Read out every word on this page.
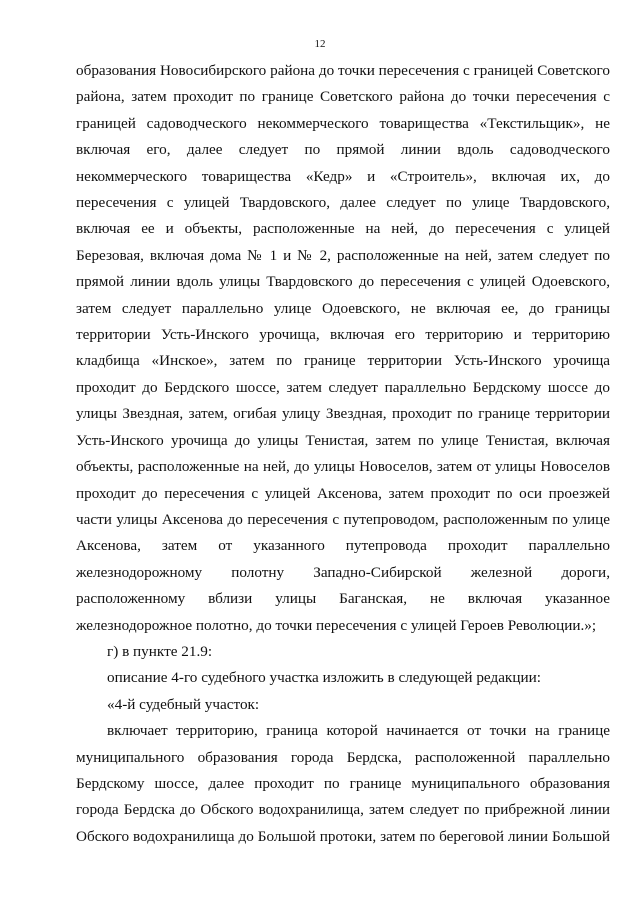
12

образования Новосибирского района до точки пересечения с границей Советского района, затем проходит по границе Советского района до точки пересечения с границей садоводческого некоммерческого товарищества «Текстильщик», не включая его, далее следует по прямой линии вдоль садоводческого некоммерческого товарищества «Кедр» и «Строитель», включая их, до пересечения с улицей Твардовского, далее следует по улице Твардовского, включая ее и объекты, расположенные на ней, до пересечения с улицей Березовая, включая дома № 1 и № 2, расположенные на ней, затем следует по прямой линии вдоль улицы Твардовского до пересечения с улицей Одоевского, затем следует параллельно улице Одоевского, не включая ее, до границы территории Усть-Инского урочища, включая его территорию и территорию кладбища «Инское», затем по границе территории Усть-Инского урочища проходит до Бердского шоссе, затем следует параллельно Бердскому шоссе до улицы Звездная, затем, огибая улицу Звездная, проходит по границе территории Усть-Инского урочища до улицы Тенистая, затем по улице Тенистая, включая объекты, расположенные на ней, до улицы Новоселов, затем от улицы Новоселов проходит до пересечения с улицей Аксенова, затем проходит по оси проезжей части улицы Аксенова до пересечения с путепроводом, расположенным по улице Аксенова, затем от указанного путепровода проходит параллельно железнодорожному полотну Западно-Сибирской железной дороги, расположенному вблизи улицы Баганская, не включая указанное железнодорожное полотно, до точки пересечения с улицей Героев Революции.»;

г) в пункте 21.9:

описание 4-го судебного участка изложить в следующей редакции:

«4-й судебный участок:

включает территорию, граница которой начинается от точки на границе муниципального образования города Бердска, расположенной параллельно Бердскому шоссе, далее проходит по границе муниципального образования города Бердска до Обского водохранилища, затем следует по прибрежной линии Обского водохранилища до Большой протоки, затем по береговой линии Большой
